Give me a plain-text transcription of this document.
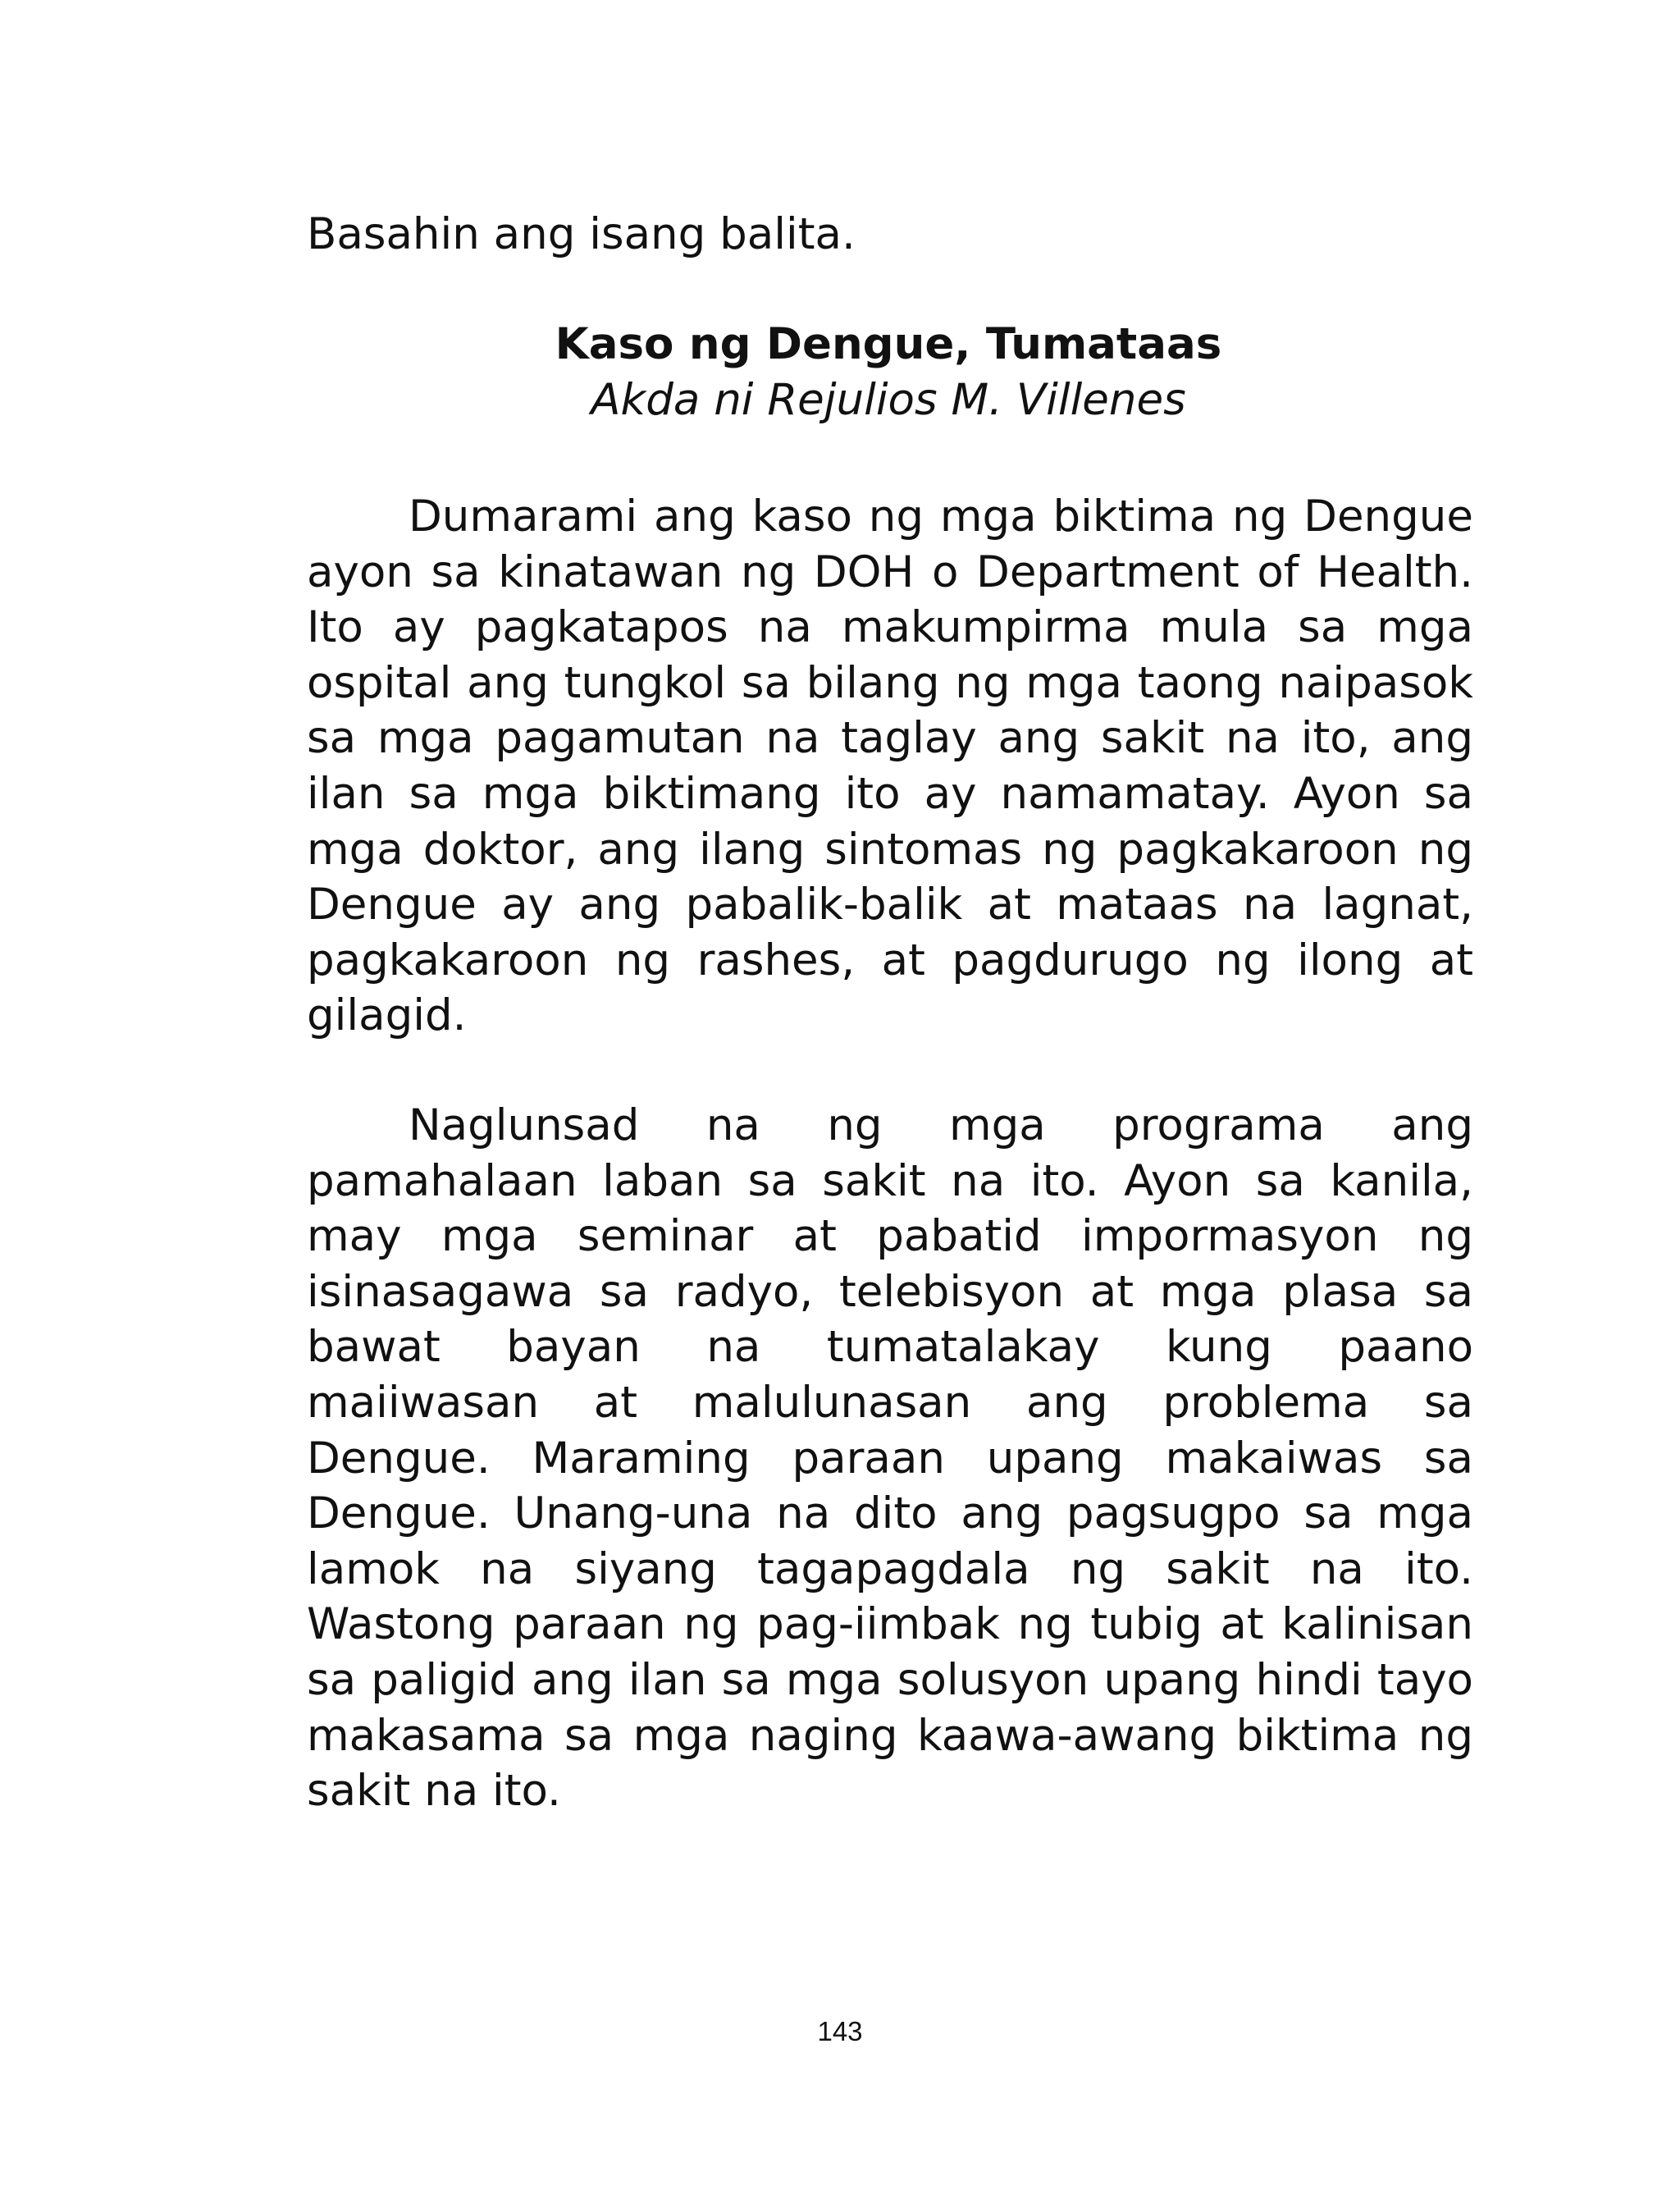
Basahin ang isang balita.

Kaso ng Dengue, Tumataas

Akda ni Rejulios M. Villenes

Dumarami ang kaso ng mga biktima ng Dengue
ayon sa kinatawan ng DOH o Department of Health.
Ito ay pagkatapos na makumpirma mula sa mga
ospital ang tungkol sa bilang ng mga taong naipasok
sa mga pagamutan na taglay ang sakit na ito, ang
ilan sa mga biktimang ito ay namamatay. Ayon sa
mga doktor, ang ilang sintomas ng pagkakaroon ng
Dengue ay ang pabalik-balik at mataas na lagnat,
pagkakaroon ng rashes, at pagdurugo ng ilong at
gilagid.
Naglunsad na ng mga programa ang
pamahalaan laban sa sakit na ito. Ayon sa kanila,
may mga seminar at pabatid impormasyon ng
isinasagawa sa radyo, telebisyon at mga plasa sa
bawat bayan na tumatalakay kung paano
maiiwasan at malulunasan ang problema sa
Dengue. Maraming paraan upang makaiwas sa
Dengue. Unang-una na dito ang pagsugpo sa mga
lamok na siyang tagapagdala ng sakit na ito.
Wastong paraan ng pag-iimbak ng tubig at kalinisan
sa paligid ang ilan sa mga solusyon upang hindi tayo
makasama sa mga naging kaawa-awang biktima ng
sakit na ito.

143
